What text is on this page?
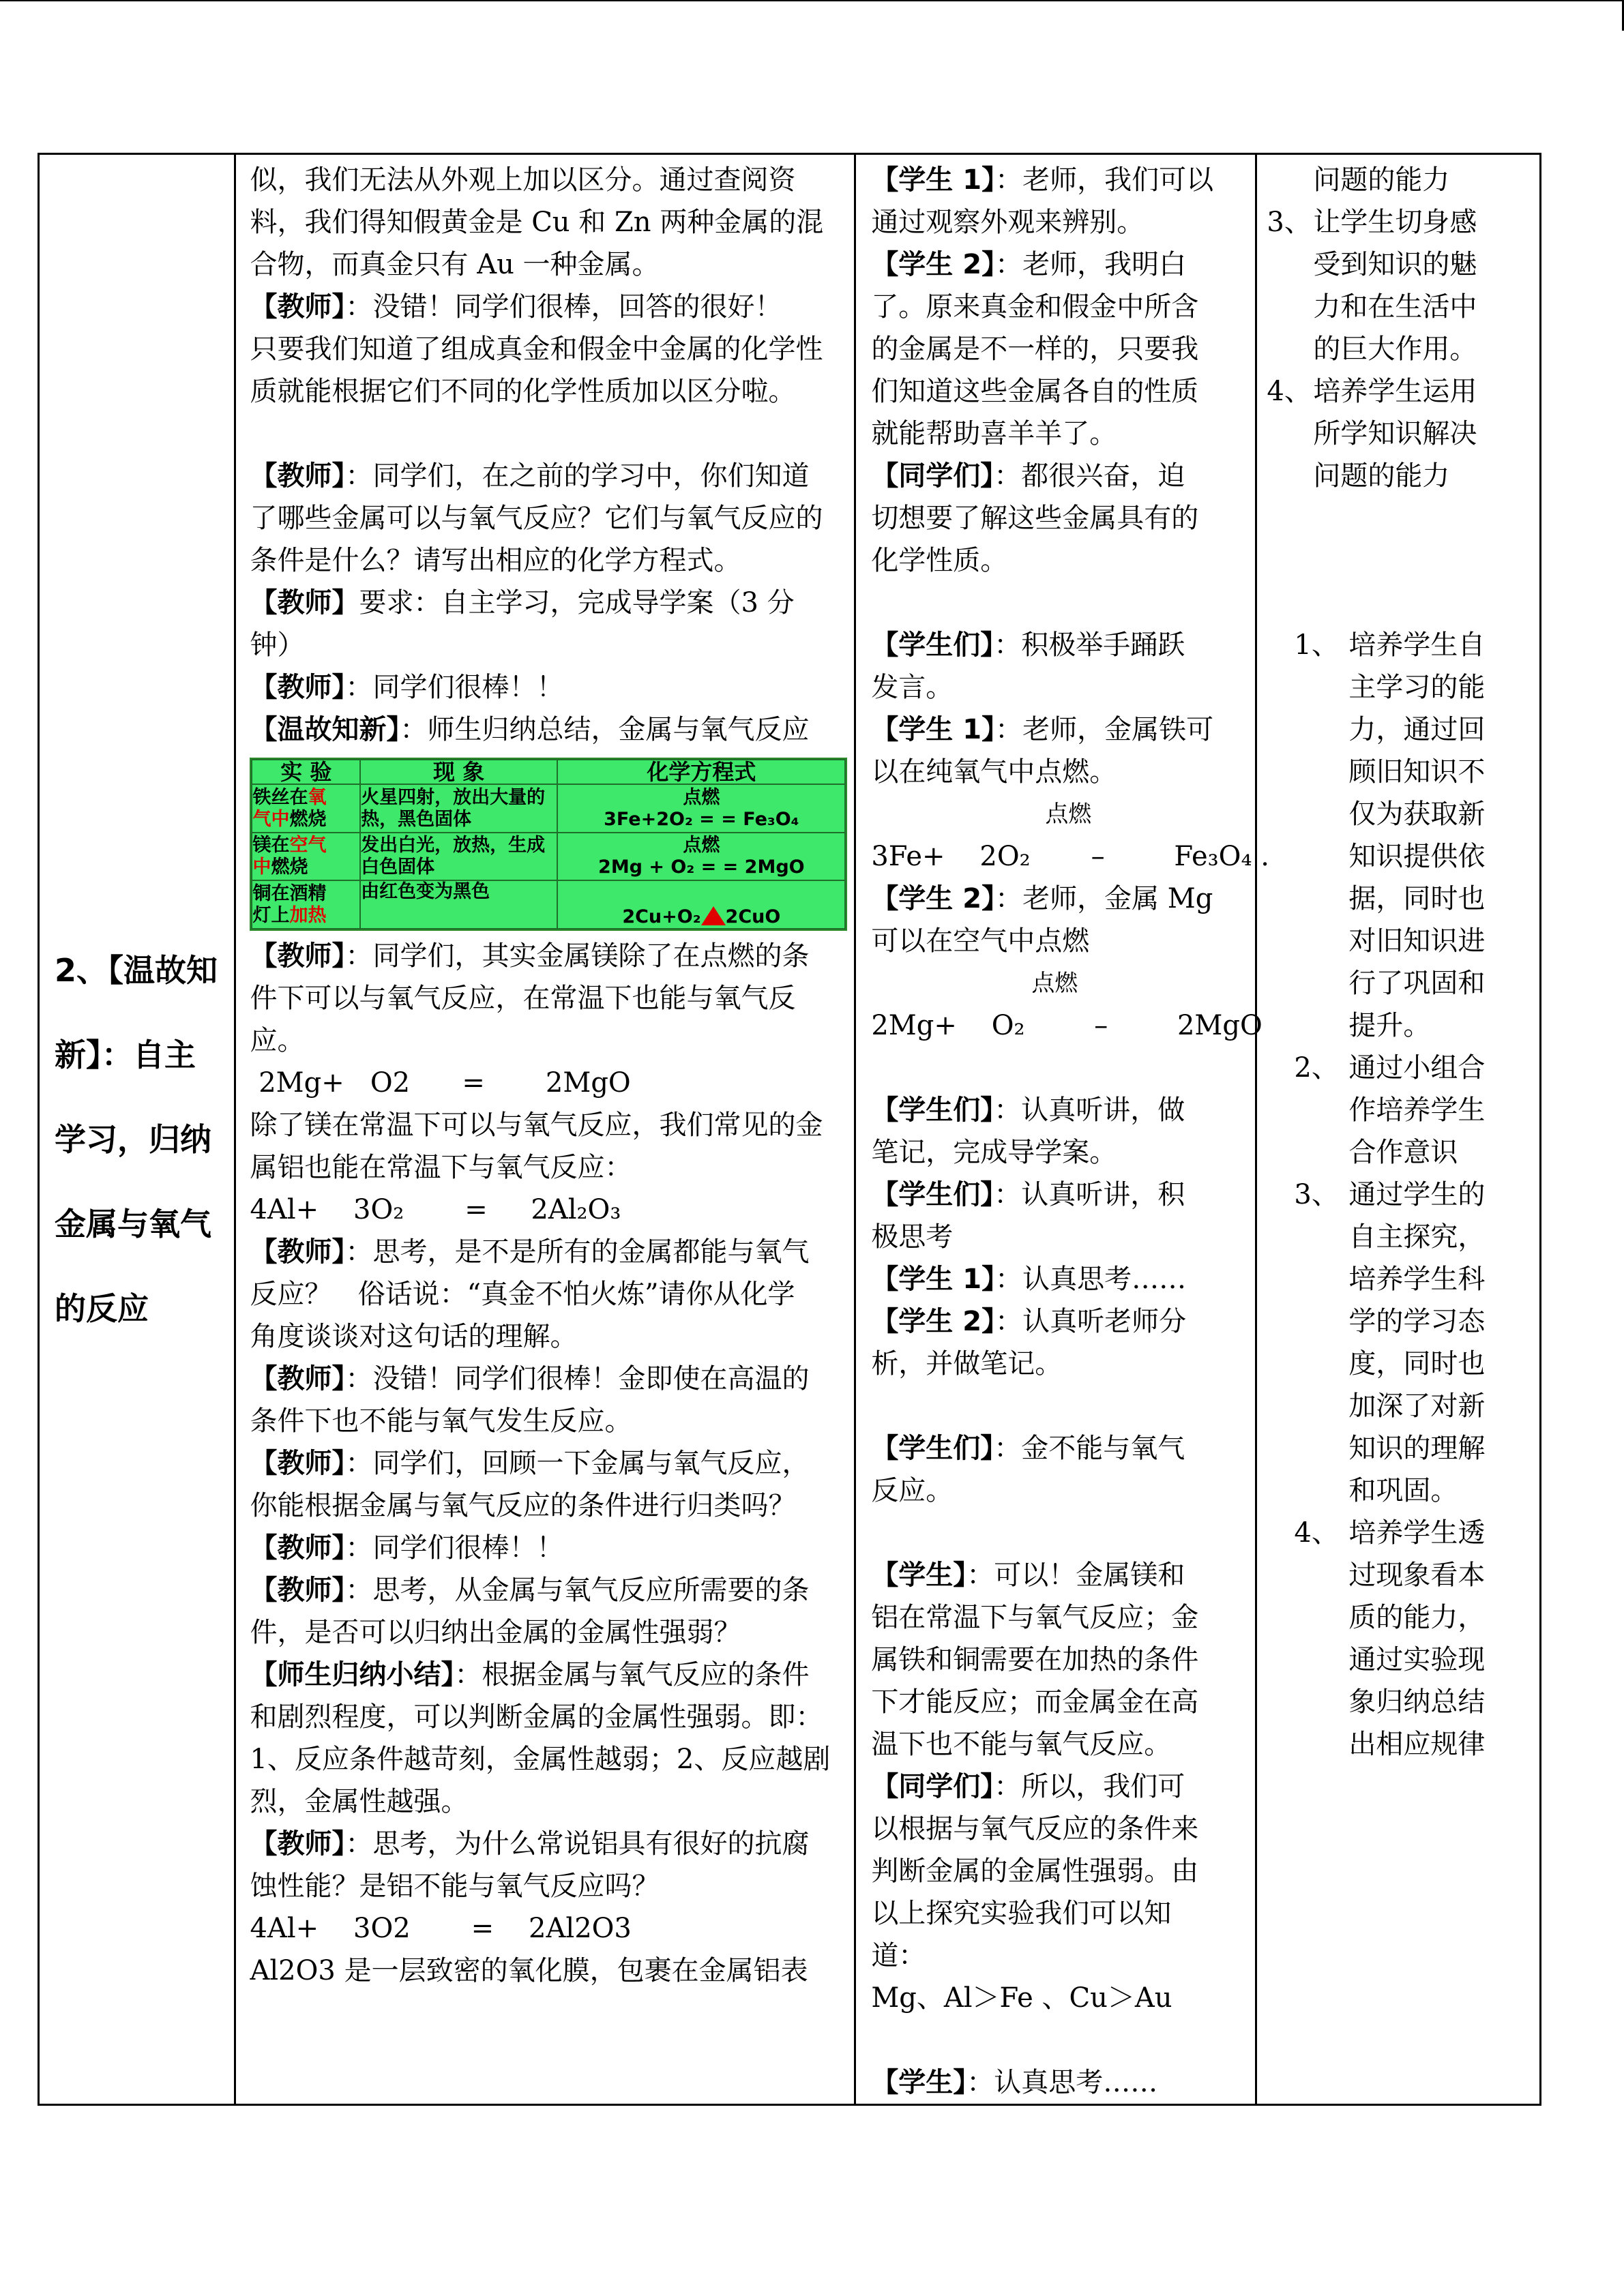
2、【温故知
新】：自主
学习，归纳
金属与氧气
的反应

似，我们无法从外观上加以区分。通过查阅资
料，我们得知假黄金是 Cu 和 Zn 两种金属的混
合物，而真金只有 Au 一种金属。

【教师】：没错！同学们很棒，回答的很好！

只要我们知道了组成真金和假金中金属的化学性
质就能根据它们不同的化学性质加以区分啦。

【教师】：同学们，在之前的学习中，你们知道
了哪些金属可以与氧气反应？它们与氧气反应的
条件是什么？请写出相应的化学方程式。

【教师】要求：自主学习，完成导学案（3 分
钟）

【教师】：同学们很棒！！

【温故知新】：师生归纳总结，金属与氧气反应

实 验	现 象	化学方程式
铁丝在氧
气中燃烧	火星四射，放出大量的热，黑色固体	点燃
3Fe+2O₂ = = Fe₃O₄
镁在空气
中燃烧	发出白光，放热，生成白色固体	点燃
2Mg + O₂ = = 2MgO
铜在酒精
灯上加热	由红色变为黑色	2Cu+O₂ 2CuO

【教师】：同学们，其实金属镁除了在点燃的条
件下可以与氧气反应，在常温下也能与氧气反
应。

2Mg+   O2      =       2MgO

除了镁在常温下可以与氧气反应，我们常见的金
属铝也能在常温下与氧气反应：

4Al+    3O₂       =     2Al₂O₃

【教师】：思考，是不是所有的金属都能与氧气
反应？   俗话说：“真金不怕火炼”请你从化学
角度谈谈对这句话的理解。

【教师】：没错！同学们很棒！金即使在高温的
条件下也不能与氧气发生反应。

【教师】：同学们，回顾一下金属与氧气反应，
你能根据金属与氧气反应的条件进行归类吗？

【教师】：同学们很棒！！

【教师】：思考，从金属与氧气反应所需要的条
件，是否可以归纳出金属的金属性强弱？

【师生归纳小结】：根据金属与氧气反应的条件
和剧烈程度，可以判断金属的金属性强弱。即：
1、反应条件越苛刻，金属性越弱；2、反应越剧
烈，金属性越强。

【教师】：思考，为什么常说铝具有很好的抗腐
蚀性能？是铝不能与氧气反应吗？

4Al+    3O2       =    2Al2O3

Al2O3 是一层致密的氧化膜，包裹在金属铝表

【学生 1】：老师，我们可以
通过观察外观来辨别。

【学生 2】：老师，我明白
了。原来真金和假金中所含
的金属是不一样的，只要我
们知道这些金属各自的性质
就能帮助喜羊羊了。

【同学们】：都很兴奋，迫
切想要了解这些金属具有的
化学性质。

【学生们】：积极举手踊跃
发言。

【学生 1】：老师，金属铁可
以在纯氧气中点燃。

点燃

3Fe+    2O₂       –        Fe₃O₄ .

【学生 2】：老师，金属 Mg
可以在空气中点燃

点燃

2Mg+    O₂        –        2MgO

【学生们】：认真听讲，做
笔记，完成导学案。

【学生们】：认真听讲，积
极思考

【学生 1】：认真思考……

【学生 2】：认真听老师分
析，并做笔记。

【学生们】：金不能与氧气
反应。

【学生】：可以！金属镁和
铝在常温下与氧气反应；金
属铁和铜需要在加热的条件
下才能反应；而金属金在高
温下也不能与氧气反应。

【同学们】：所以，我们可
以根据与氧气反应的条件来
判断金属的金属性强弱。由
以上探究实验我们可以知
道：

Mg、Al＞Fe 、Cu＞Au

【学生】：认真思考……

问题的能力

3、 让学生切身感
受到知识的魅
力和在生活中
的巨大作用。
4、 培养学生运用
所学知识解决
问题的能力
1、 培养学生自
主学习的能
力，通过回
顾旧知识不
仅为获取新
知识提供依
据，同时也
对旧知识进
行了巩固和
提升。
2、 通过小组合
作培养学生
合作意识
3、 通过学生的
自主探究，
培养学生科
学的学习态
度，同时也
加深了对新
知识的理解
和巩固。
4、 培养学生透
过现象看本
质的能力，
通过实验现
象归纳总结
出相应规律
